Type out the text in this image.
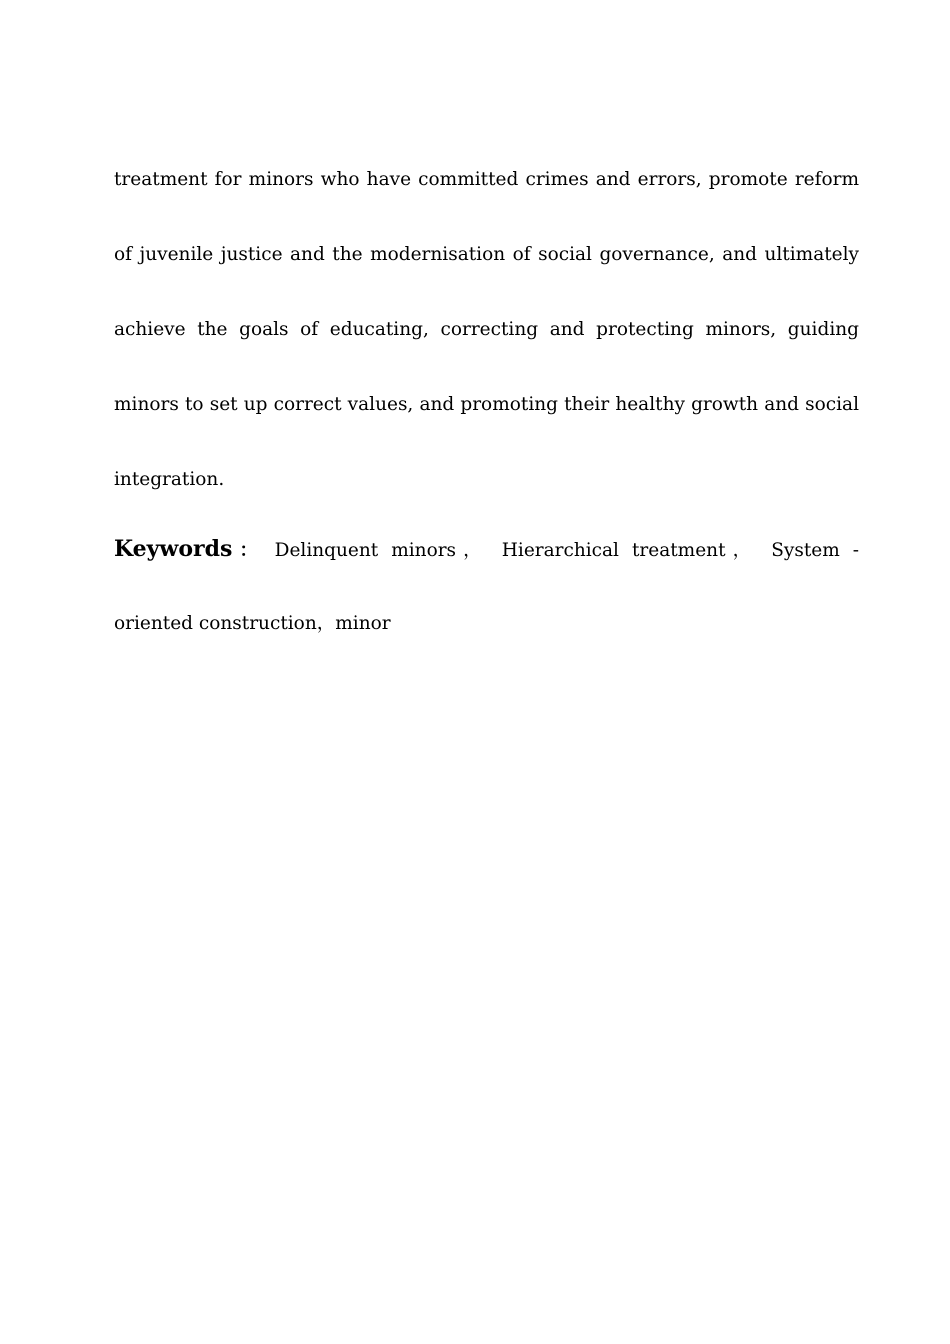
treatment for minors who have committed crimes and errors, promote reform of juvenile justice and the modernisation of social governance, and ultimately achieve the goals of educating, correcting and protecting minors, guiding minors to set up correct values, and promoting their healthy growth and social integration.

Keywords： Delinquent minors， Hierarchical treatment， System - oriented construction，minor
